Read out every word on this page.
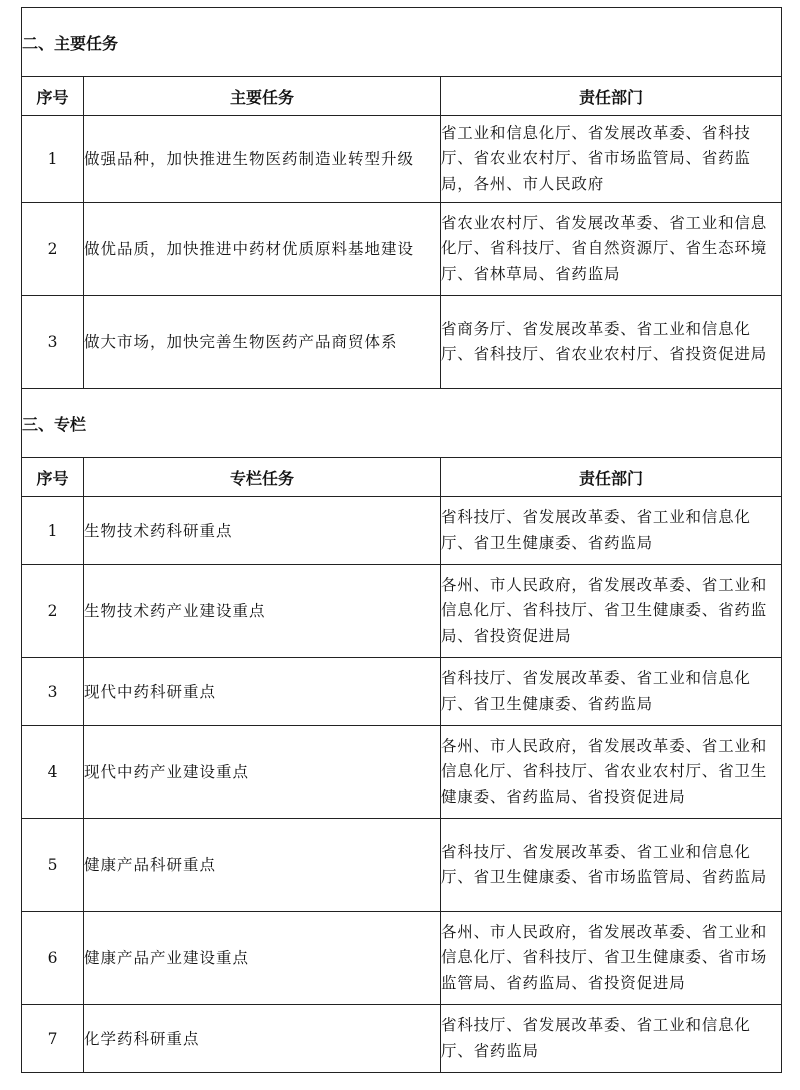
二、主要任务		
序号	主要任务	责任部门
1	做强品种，加快推进生物医药制造业转型升级	省工业和信息化厅、省发展改革委、省科技厅、省农业农村厅、省市场监管局、省药监局，各州、市人民政府
2	做优品质，加快推进中药材优质原料基地建设	省农业农村厅、省发展改革委、省工业和信息化厅、省科技厅、省自然资源厅、省生态环境厅、省林草局、省药监局
3	做大市场，加快完善生物医药产品商贸体系	省商务厅、省发展改革委、省工业和信息化厅、省科技厅、省农业农村厅、省投资促进局
三、专栏		
序号	专栏任务	责任部门
1	生物技术药科研重点	省科技厅、省发展改革委、省工业和信息化厅、省卫生健康委、省药监局
2	生物技术药产业建设重点	各州、市人民政府，省发展改革委、省工业和信息化厅、省科技厅、省卫生健康委、省药监局、省投资促进局
3	现代中药科研重点	省科技厅、省发展改革委、省工业和信息化厅、省卫生健康委、省药监局
4	现代中药产业建设重点	各州、市人民政府，省发展改革委、省工业和信息化厅、省科技厅、省农业农村厅、省卫生健康委、省药监局、省投资促进局
5	健康产品科研重点	省科技厅、省发展改革委、省工业和信息化厅、省卫生健康委、省市场监管局、省药监局
6	健康产品产业建设重点	各州、市人民政府，省发展改革委、省工业和信息化厅、省科技厅、省卫生健康委、省市场监管局、省药监局、省投资促进局
7	化学药科研重点	省科技厅、省发展改革委、省工业和信息化厅、省药监局
